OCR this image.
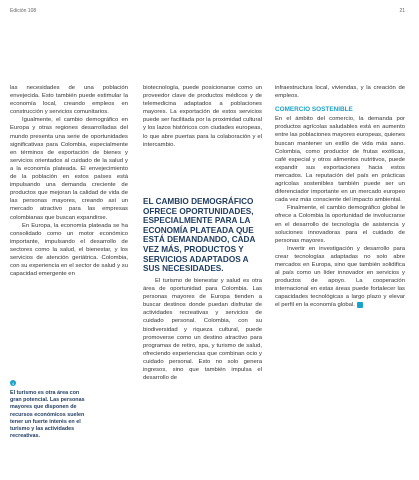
Edición 108	21

las necesidades de una población envejecida. Esto también puede estimular la economía local, creando empleos en construcción y servicios comunitarios.

Igualmente, el cambio demográfico en Europa y otras regiones desarrolladas del mundo presenta una serie de oportunidades significativas para Colombia, especialmente en términos de exportación de bienes y servicios orientados al cuidado de la salud y a la economía plateada. El envejecimiento de la población en estos países está impulsando una demanda creciente de productos que mejoran la calidad de vida de las personas mayores, creando así un mercado atractivo para las empresas colombianas que buscan expandirse.

En Europa, la economía plateada se ha consolidado como un motor económico importante, impulsando el desarrollo de sectores como la salud, el bienestar, y los servicios de atención geriátrica. Colombia, con su experiencia en el sector de salud y su capacidad emergente en

4
El turismo es otra área con gran potencial. Las personas mayores que disponen de recursos económicos suelen tener un fuerte interés en el turismo y las actividades recreativas.

biotecnología, puede posicionarse como un proveedor clave de productos médicos y de telemedicina adaptados a poblaciones mayores. La exportación de estos servicios puede ser facilitada por la proximidad cultural y los lazos históricos con ciudades europeas, lo que abre puertas para la colaboración y el intercambio.

EL CAMBIO DEMOGRÁFICO OFRECE OPORTUNIDADES, ESPECIALMENTE PARA LA ECONOMÍA PLATEADA QUE ESTÁ DEMANDANDO, CADA VEZ MÁS, PRODUCTOS Y SERVICIOS ADAPTADOS A SUS NECESIDADES.

El turismo de bienestar y salud es otra área de oportunidad para Colombia. Las personas mayores de Europa tienden a buscar destinos donde puedan disfrutar de actividades recreativas y servicios de cuidado personal. Colombia, con su biodiversidad y riqueza cultural, puede promoverse como un destino atractivo para programas de retiro, spa, y turismo de salud, ofreciendo experiencias que combinan ocio y cuidado personal. Esto no solo genera ingresos, sino que también impulsa el desarrollo de

infraestructura local, viviendas, y la creación de empleos.

COMERCIO SOSTENIBLE

En el ámbito del comercio, la demanda por productos agrícolas saludables está en aumento entre las poblaciones mayores europeas, quienes buscan mantener un estilo de vida más sano. Colombia, como productor de frutas exóticas, café especial y otros alimentos nutritivos, puede expandir sus exportaciones hacia estos mercados. La reputación del país en prácticas agrícolas sostenibles también puede ser un diferenciador importante en un mercado europeo cada vez más consciente del impacto ambiental.

Finalmente, el cambio demográfico global le ofrece a Colombia la oportunidad de involucrarse en el desarrollo de tecnología de asistencia y soluciones innovadoras para el cuidado de personas mayores.

Invertir en investigación y desarrollo para crear tecnologías adaptadas no solo abre mercados en Europa, sino que también solidifica al país como un líder innovador en servicios y productos de apoyo. La cooperación internacional en estas áreas puede fortalecer las capacidades tecnológicas a largo plazo y elevar el perfil en la economía global.
